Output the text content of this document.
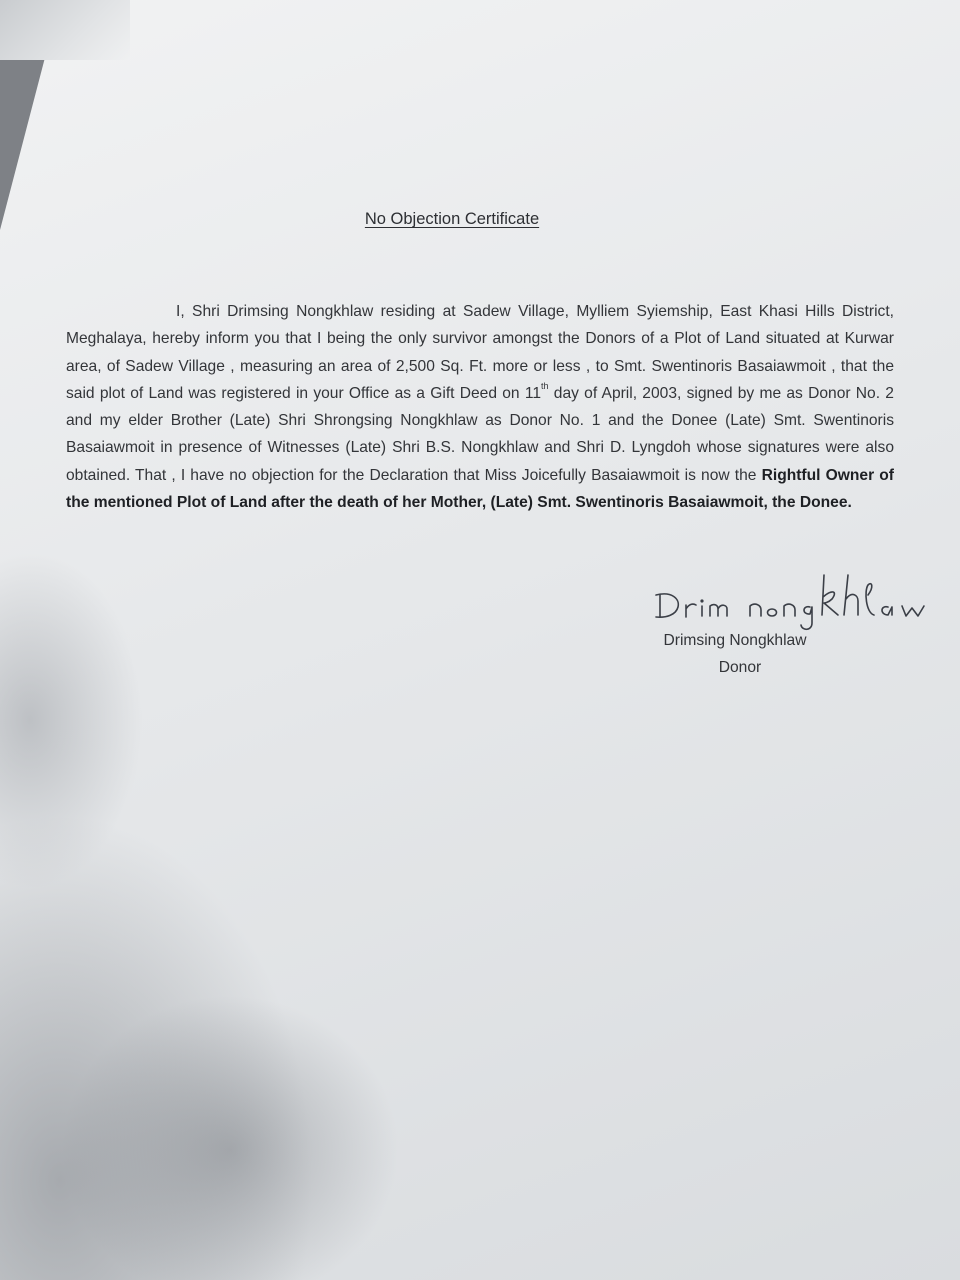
No Objection Certificate

I, Shri Drimsing Nongkhlaw residing at Sadew Village, Mylliem Syiemship, East Khasi Hills District, Meghalaya, hereby inform you that I being the only survivor amongst the Donors of a Plot of Land situated at Kurwar area, of Sadew Village , measuring an area of 2,500 Sq. Ft. more or less , to Smt. Swentinoris Basaiawmoit , that the said plot of Land was registered in your Office as a Gift Deed on 11th day of April, 2003, signed by me as Donor No. 2 and my elder Brother (Late) Shri Shrongsing Nongkhlaw as Donor No. 1 and the Donee (Late) Smt. Swentinoris Basaiawmoit in presence of Witnesses (Late) Shri B.S. Nongkhlaw and Shri D. Lyngdoh whose signatures were also obtained. That , I have no objection for the Declaration that Miss Joicefully Basaiawmoit is now the Rightful Owner of the mentioned Plot of Land after the death of her Mother, (Late) Smt. Swentinoris Basaiawmoit, the Donee.

Drimsing Nongkhlaw
Donor
